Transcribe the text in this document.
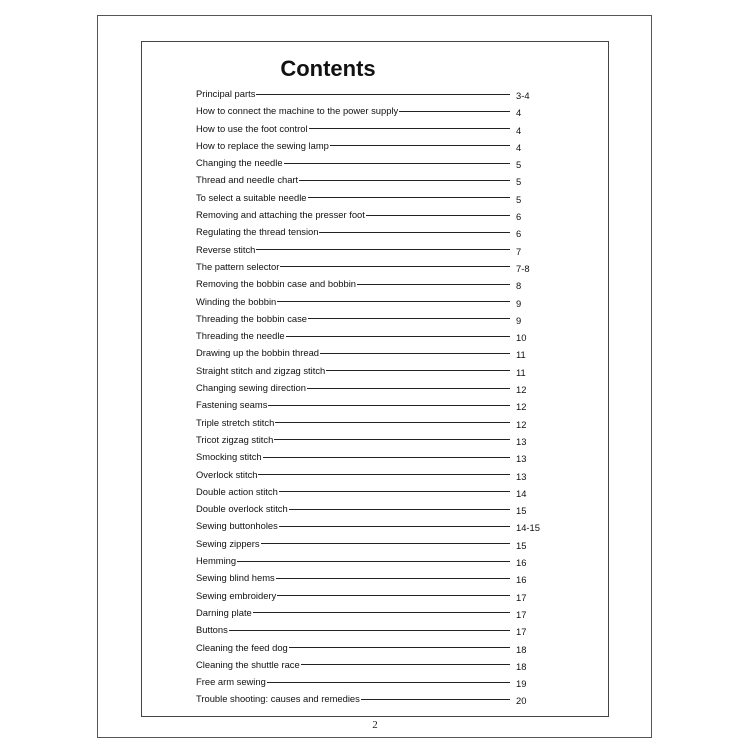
Contents
Principal parts	3-4
How to connect the machine to the power supply	4
How to use the foot control	4
How to replace the sewing lamp	4
Changing the needle	5
Thread and needle chart	5
To select a suitable needle	5
Removing and attaching the presser foot	6
Regulating the thread tension	6
Reverse stitch	7
The pattern selector	7-8
Removing the bobbin case and bobbin	8
Winding the bobbin	9
Threading the bobbin case	9
Threading the needle	10
Drawing up the bobbin thread	11
Straight stitch and zigzag stitch	11
Changing sewing direction	12
Fastening seams	12
Triple stretch stitch	12
Tricot zigzag stitch	13
Smocking stitch	13
Overlock stitch	13
Double action stitch	14
Double overlock stitch	15
Sewing buttonholes	14-15
Sewing zippers	15
Hemming	16
Sewing blind hems	16
Sewing embroidery	17
Darning plate	17
Buttons	17
Cleaning the feed dog	18
Cleaning the shuttle race	18
Free arm sewing	19
Trouble shooting: causes and remedies	20
2
